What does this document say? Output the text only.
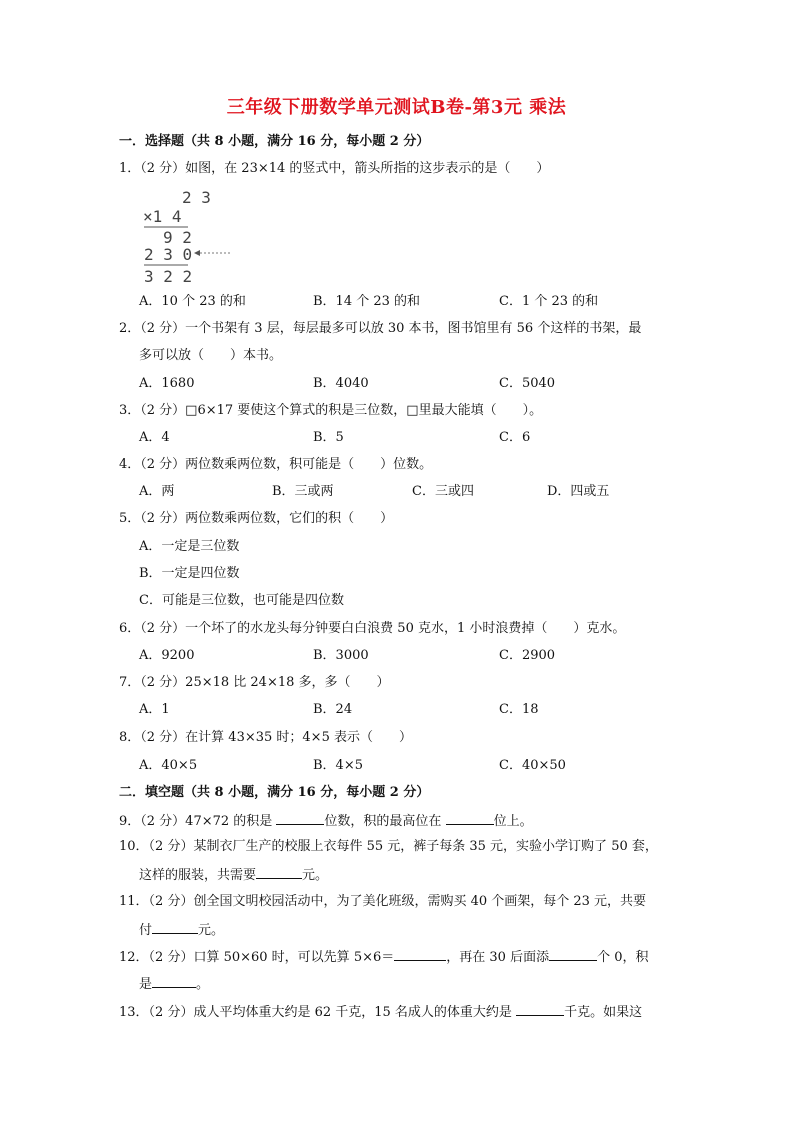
三年级下册数学单元测试B卷-第3元 乘法
一．选择题（共 8 小题，满分 16 分，每小题 2 分）
1．（2 分）如图，在 23×14 的竖式中，箭头所指的这步表示的是（　　）
2 3
×1 4
9 2
2 3 0
3 2 2
A．10 个 23 的和	B．14 个 23 的和	C．1 个 23 的和
2．（2 分）一个书架有 3 层，每层最多可以放 30 本书，图书馆里有 56 个这样的书架，最
多可以放（　　）本书。
A．1680	B．4040	C．5040
3．（2 分）□6×17 要使这个算式的积是三位数，□里最大能填（　　）。
A．4	B．5	C．6
4．（2 分）两位数乘两位数，积可能是（　　）位数。
A．两	B．三或两	C．三或四	D．四或五
5．（2 分）两位数乘两位数，它们的积（　　）
A．一定是三位数
B．一定是四位数
C．可能是三位数，也可能是四位数
6．（2 分）一个坏了的水龙头每分钟要白白浪费 50 克水，1 小时浪费掉（　　）克水。
A．9200	B．3000	C．2900
7．（2 分）25×18 比 24×18 多，多（　　）
A．1	B．24	C．18
8．（2 分）在计算 43×35 时；4×5 表示（　　）
A．40×5	B．4×5	C．40×50
二．填空题（共 8 小题，满分 16 分，每小题 2 分）
9．（2 分）47×72 的积是	位数，积的最高位在	位上。
10．（2 分）某制衣厂生产的校服上衣每件 55 元，裤子每条 35 元，实验小学订购了 50 套，
这样的服装，共需要	元。
11．（2 分）创全国文明校园活动中，为了美化班级，需购买 40 个画架，每个 23 元，共要
付	元。
12．（2 分）口算 50×60 时，可以先算 5×6＝	，再在 30 后面添	个 0，积
是	。
13．（2 分）成人平均体重大约是 62 千克，15 名成人的体重大约是	千克。如果这
